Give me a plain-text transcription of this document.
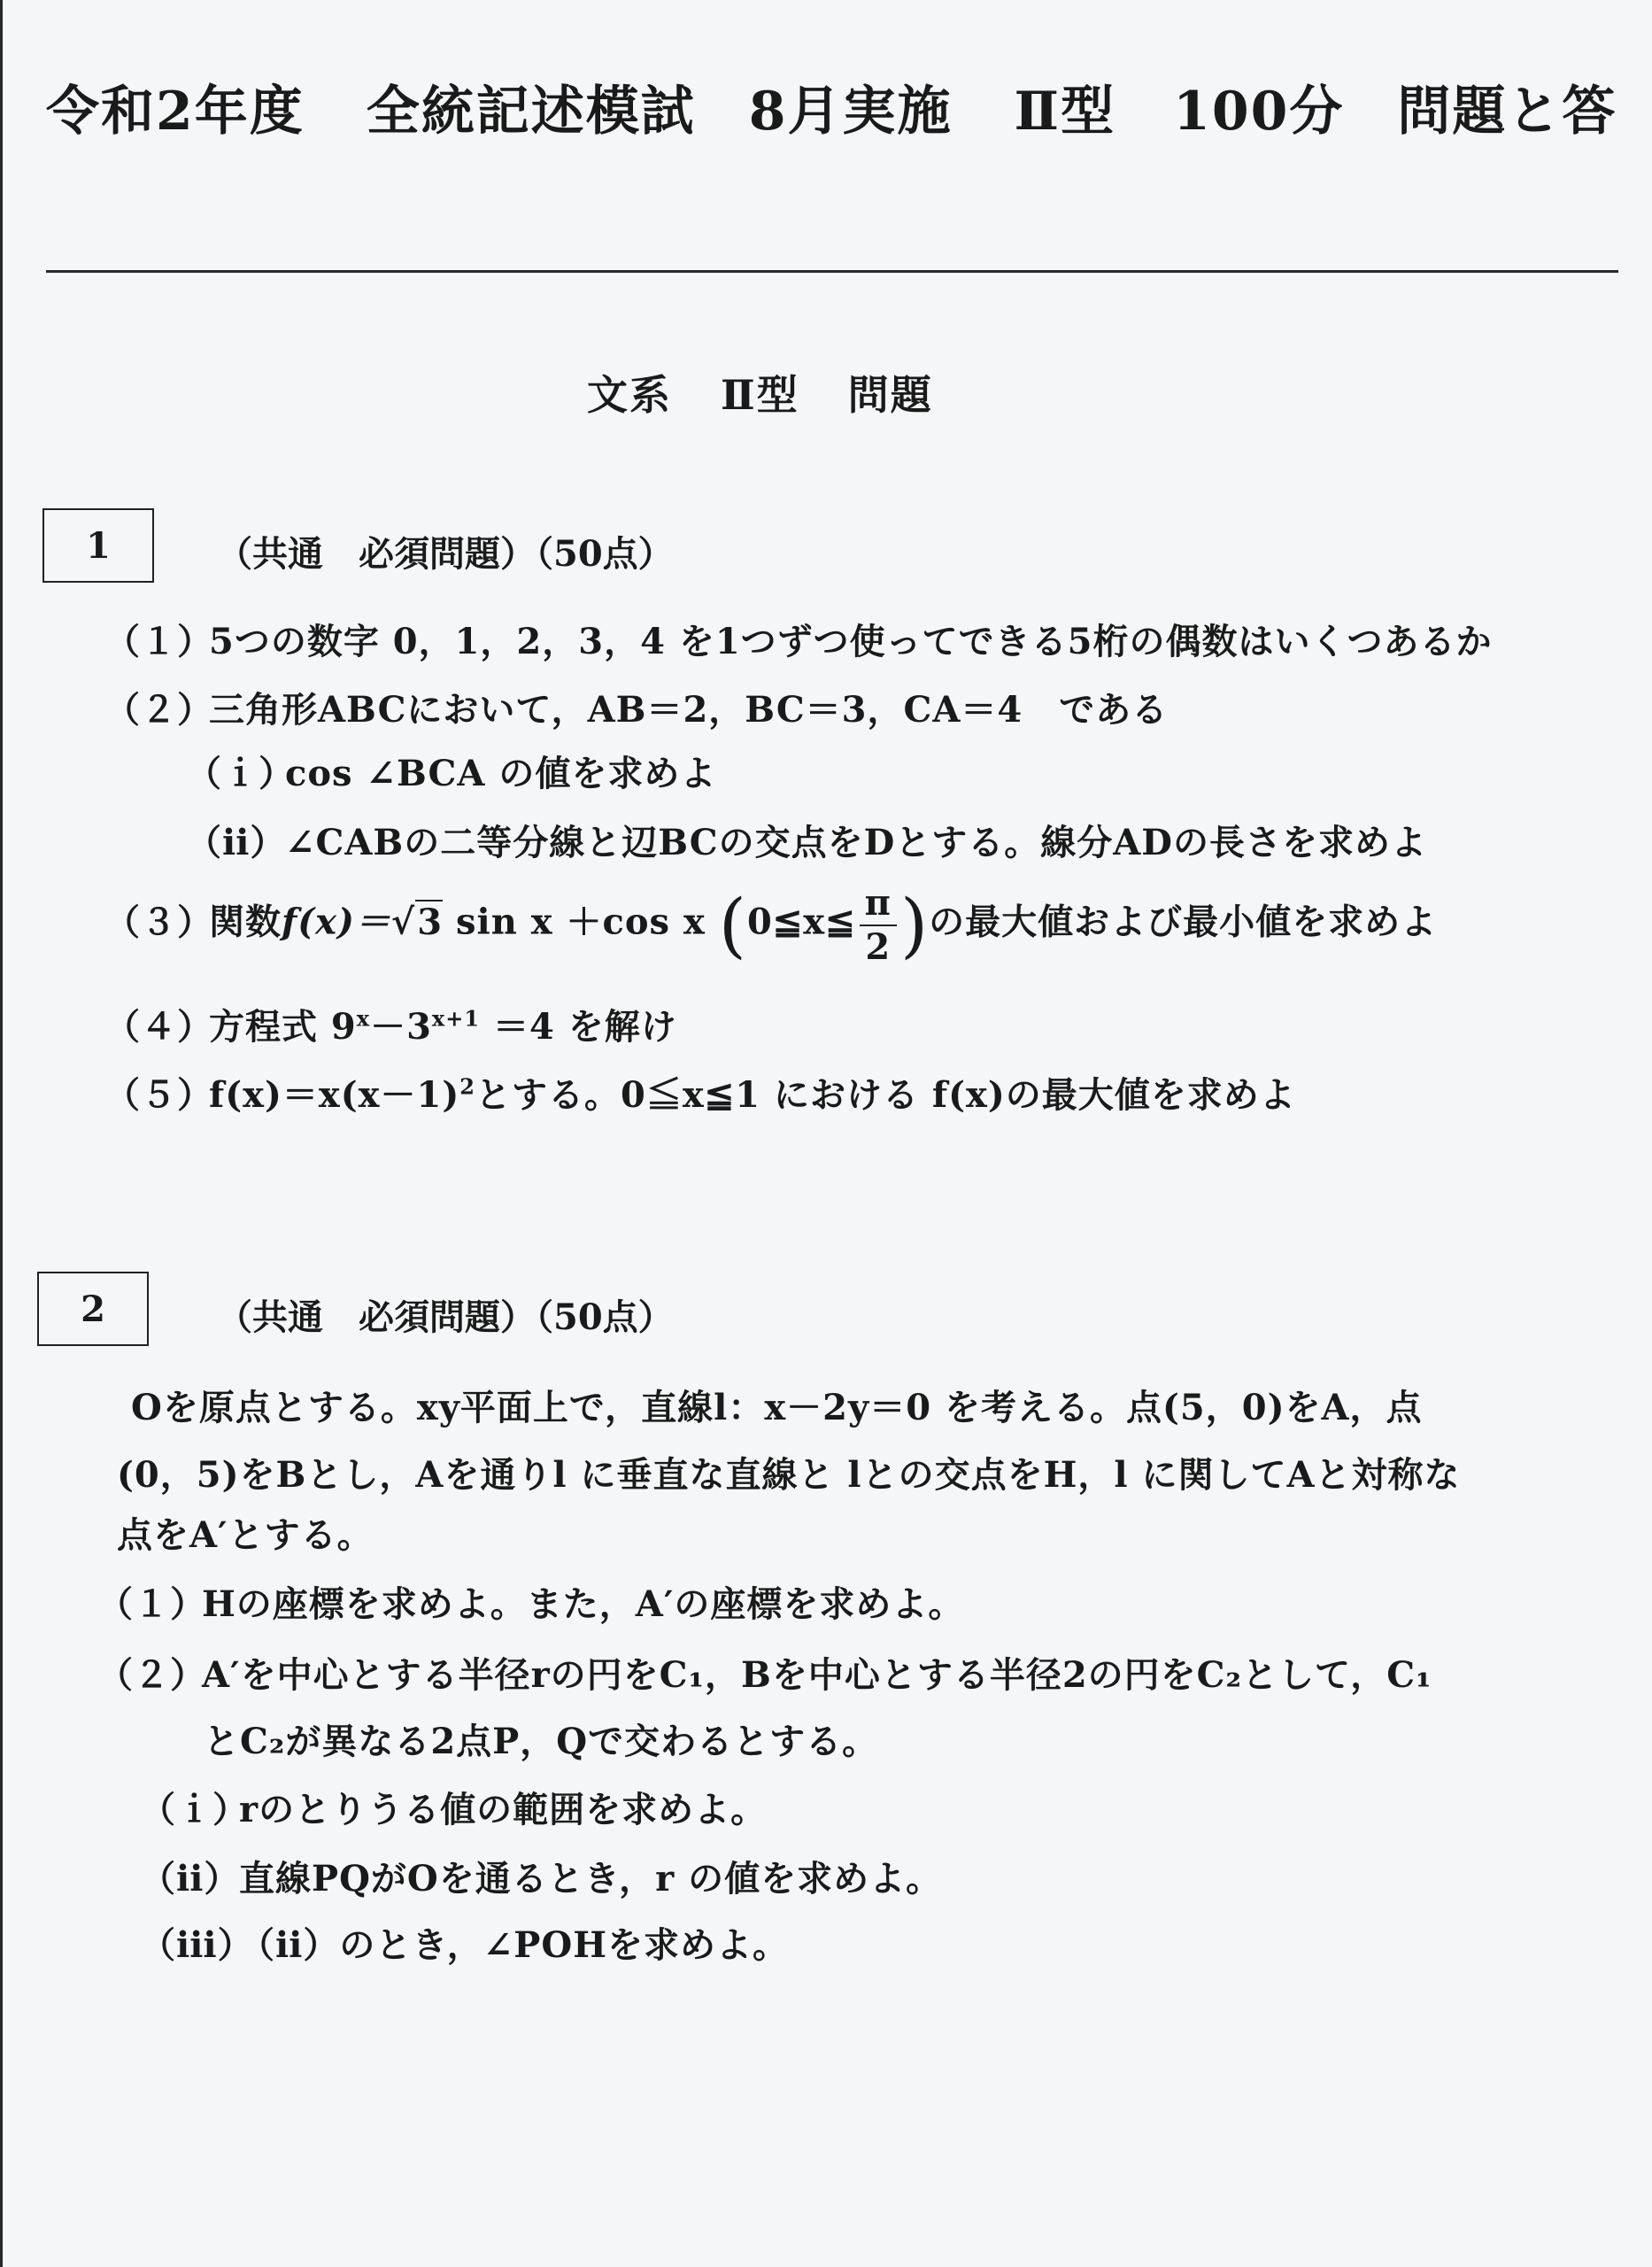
令和2年度 全統記述模試 8月実施 Ⅱ型 100分 問題と答
文系 Ⅱ型 問題
1	（共通　必須問題）（50点）
（１）5つの数字 0，1，2，3，4 を1つずつ使ってできる5桁の偶数はいくつあるか
（２）三角形ABCにおいて，AB＝2，BC＝3，CA＝4　である
（ｉ）cos ∠BCA の値を求めよ
（ⅱ）∠CABの二等分線と辺BCの交点をDとする。線分ADの長さを求めよ
（３）関数f(x)＝√3 sin x ＋cos x (0≦x≦ $\frac{\pi}{2}$ )の最大値および最小値を求めよ
（４）方程式 $9^x-3^{x+1} =4$ を解け
$(5)f(x)=x(x-1)^2$とする。0≦x≦1 における f(x)の最大値を求めよ
2	（共通　必須問題）（50点）
Oを原点とする。xy平面上で，直線l：x－2y＝0 を考える。点(5，0)をA，点
(0，5)をBとし，Aを通りl に垂直な直線と lとの交点をH，l に関してAと対称な
点をA′とする。
（１）Hの座標を求めよ。また，A′の座標を求めよ。
（２）A′を中心とする半径rの円をC₁，Bを中心とする半径2の円をC₂として，C₁
とC₂が異なる2点P，Qで交わるとする。
（ｉ）rのとりうる値の範囲を求めよ。
（ⅱ）直線PQがOを通るとき，r の値を求めよ。
（ⅲ）（ⅱ）のとき，∠POHを求めよ。
